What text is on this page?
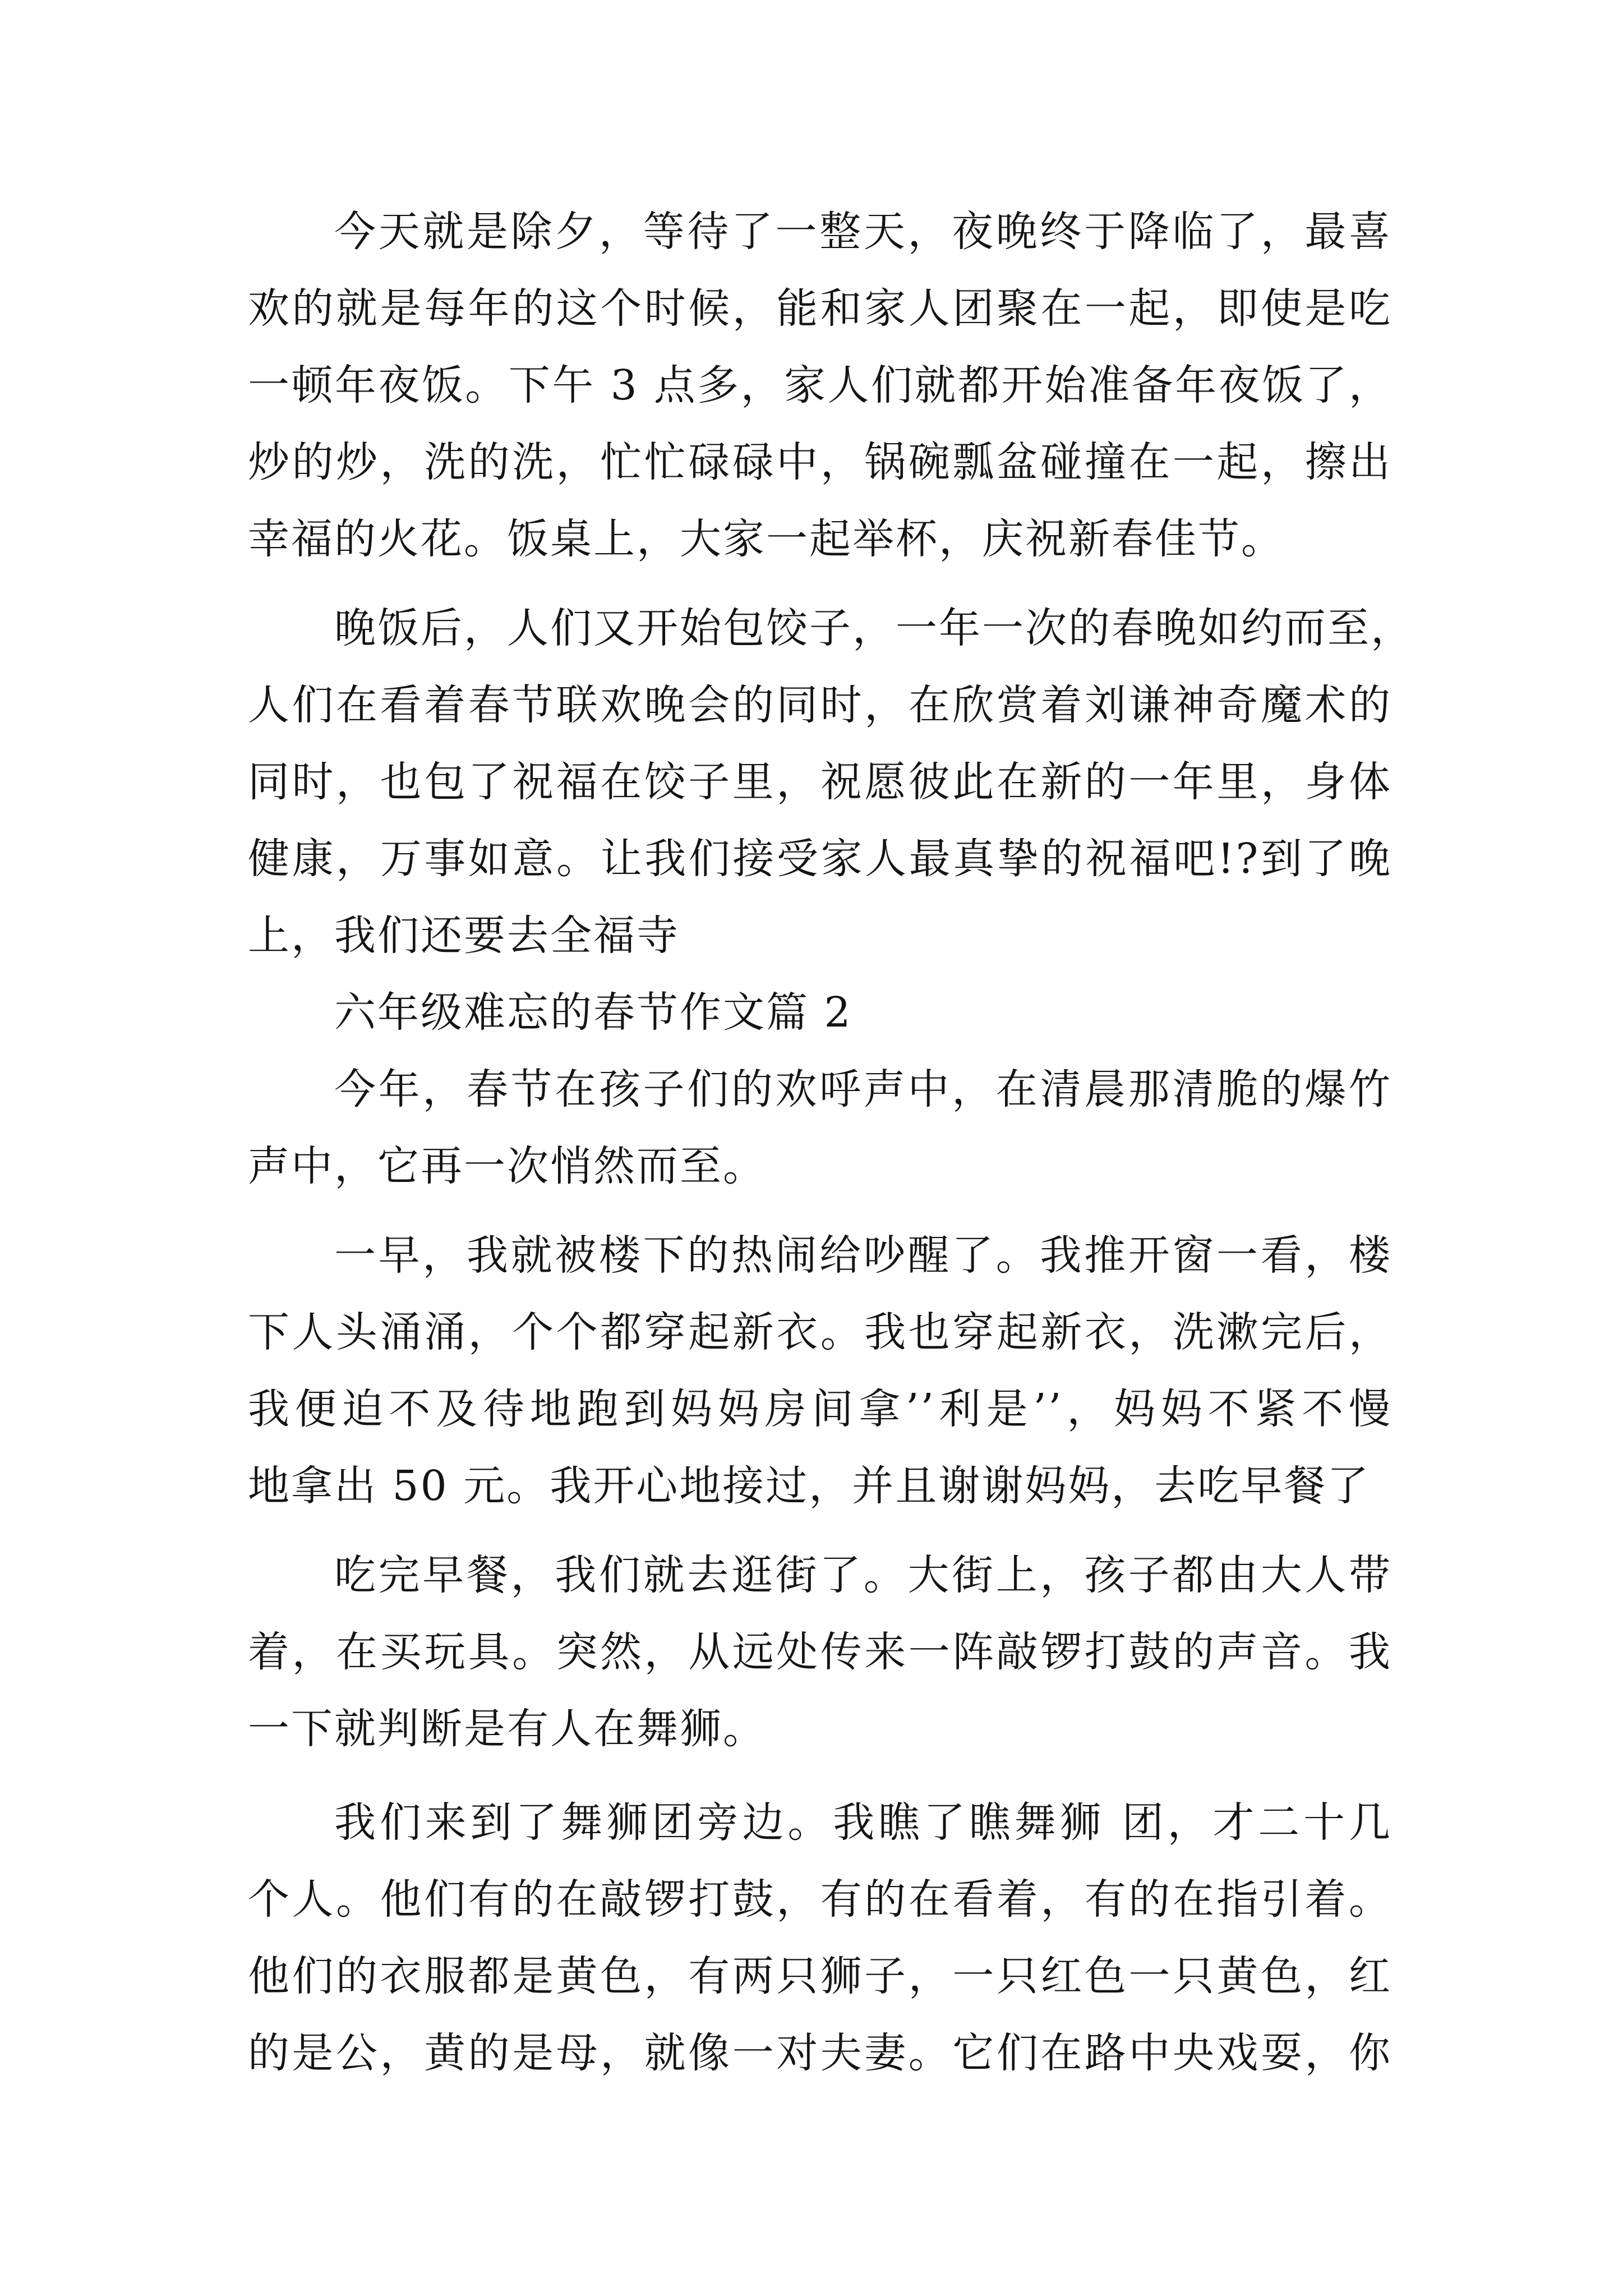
今天就是除夕，等待了一整天，夜晚终于降临了，最喜
欢的就是每年的这个时候，能和家人团聚在一起，即使是吃
一顿年夜饭。下午 3 点多，家人们就都开始准备年夜饭了，
炒的炒，洗的洗，忙忙碌碌中，锅碗瓢盆碰撞在一起，擦出
幸福的火花。饭桌上，大家一起举杯，庆祝新春佳节。
晚饭后，人们又开始包饺子，一年一次的春晚如约而至，
人们在看着春节联欢晚会的同时，在欣赏着刘谦神奇魔术的
同时，也包了祝福在饺子里，祝愿彼此在新的一年里，身体
健康，万事如意。让我们接受家人最真挚的祝福吧!?到了晚
上，我们还要去全福寺
六年级难忘的春节作文篇 2
今年，春节在孩子们的欢呼声中，在清晨那清脆的爆竹
声中，它再一次悄然而至。
一早，我就被楼下的热闹给吵醒了。我推开窗一看，楼
下人头涌涌，个个都穿起新衣。我也穿起新衣，洗漱完后，
我便迫不及待地跑到妈妈房间拿’’利是’’，妈妈不紧不慢
地拿出 50 元。我开心地接过，并且谢谢妈妈，去吃早餐了
吃完早餐，我们就去逛街了。大街上，孩子都由大人带
着，在买玩具。突然，从远处传来一阵敲锣打鼓的声音。我
一下就判断是有人在舞狮。
我们来到了舞狮团旁边。我瞧了瞧舞狮 团，才二十几
个人。他们有的在敲锣打鼓，有的在看着，有的在指引着。
他们的衣服都是黄色，有两只狮子，一只红色一只黄色，红
的是公，黄的是母，就像一对夫妻。它们在路中央戏耍，你
